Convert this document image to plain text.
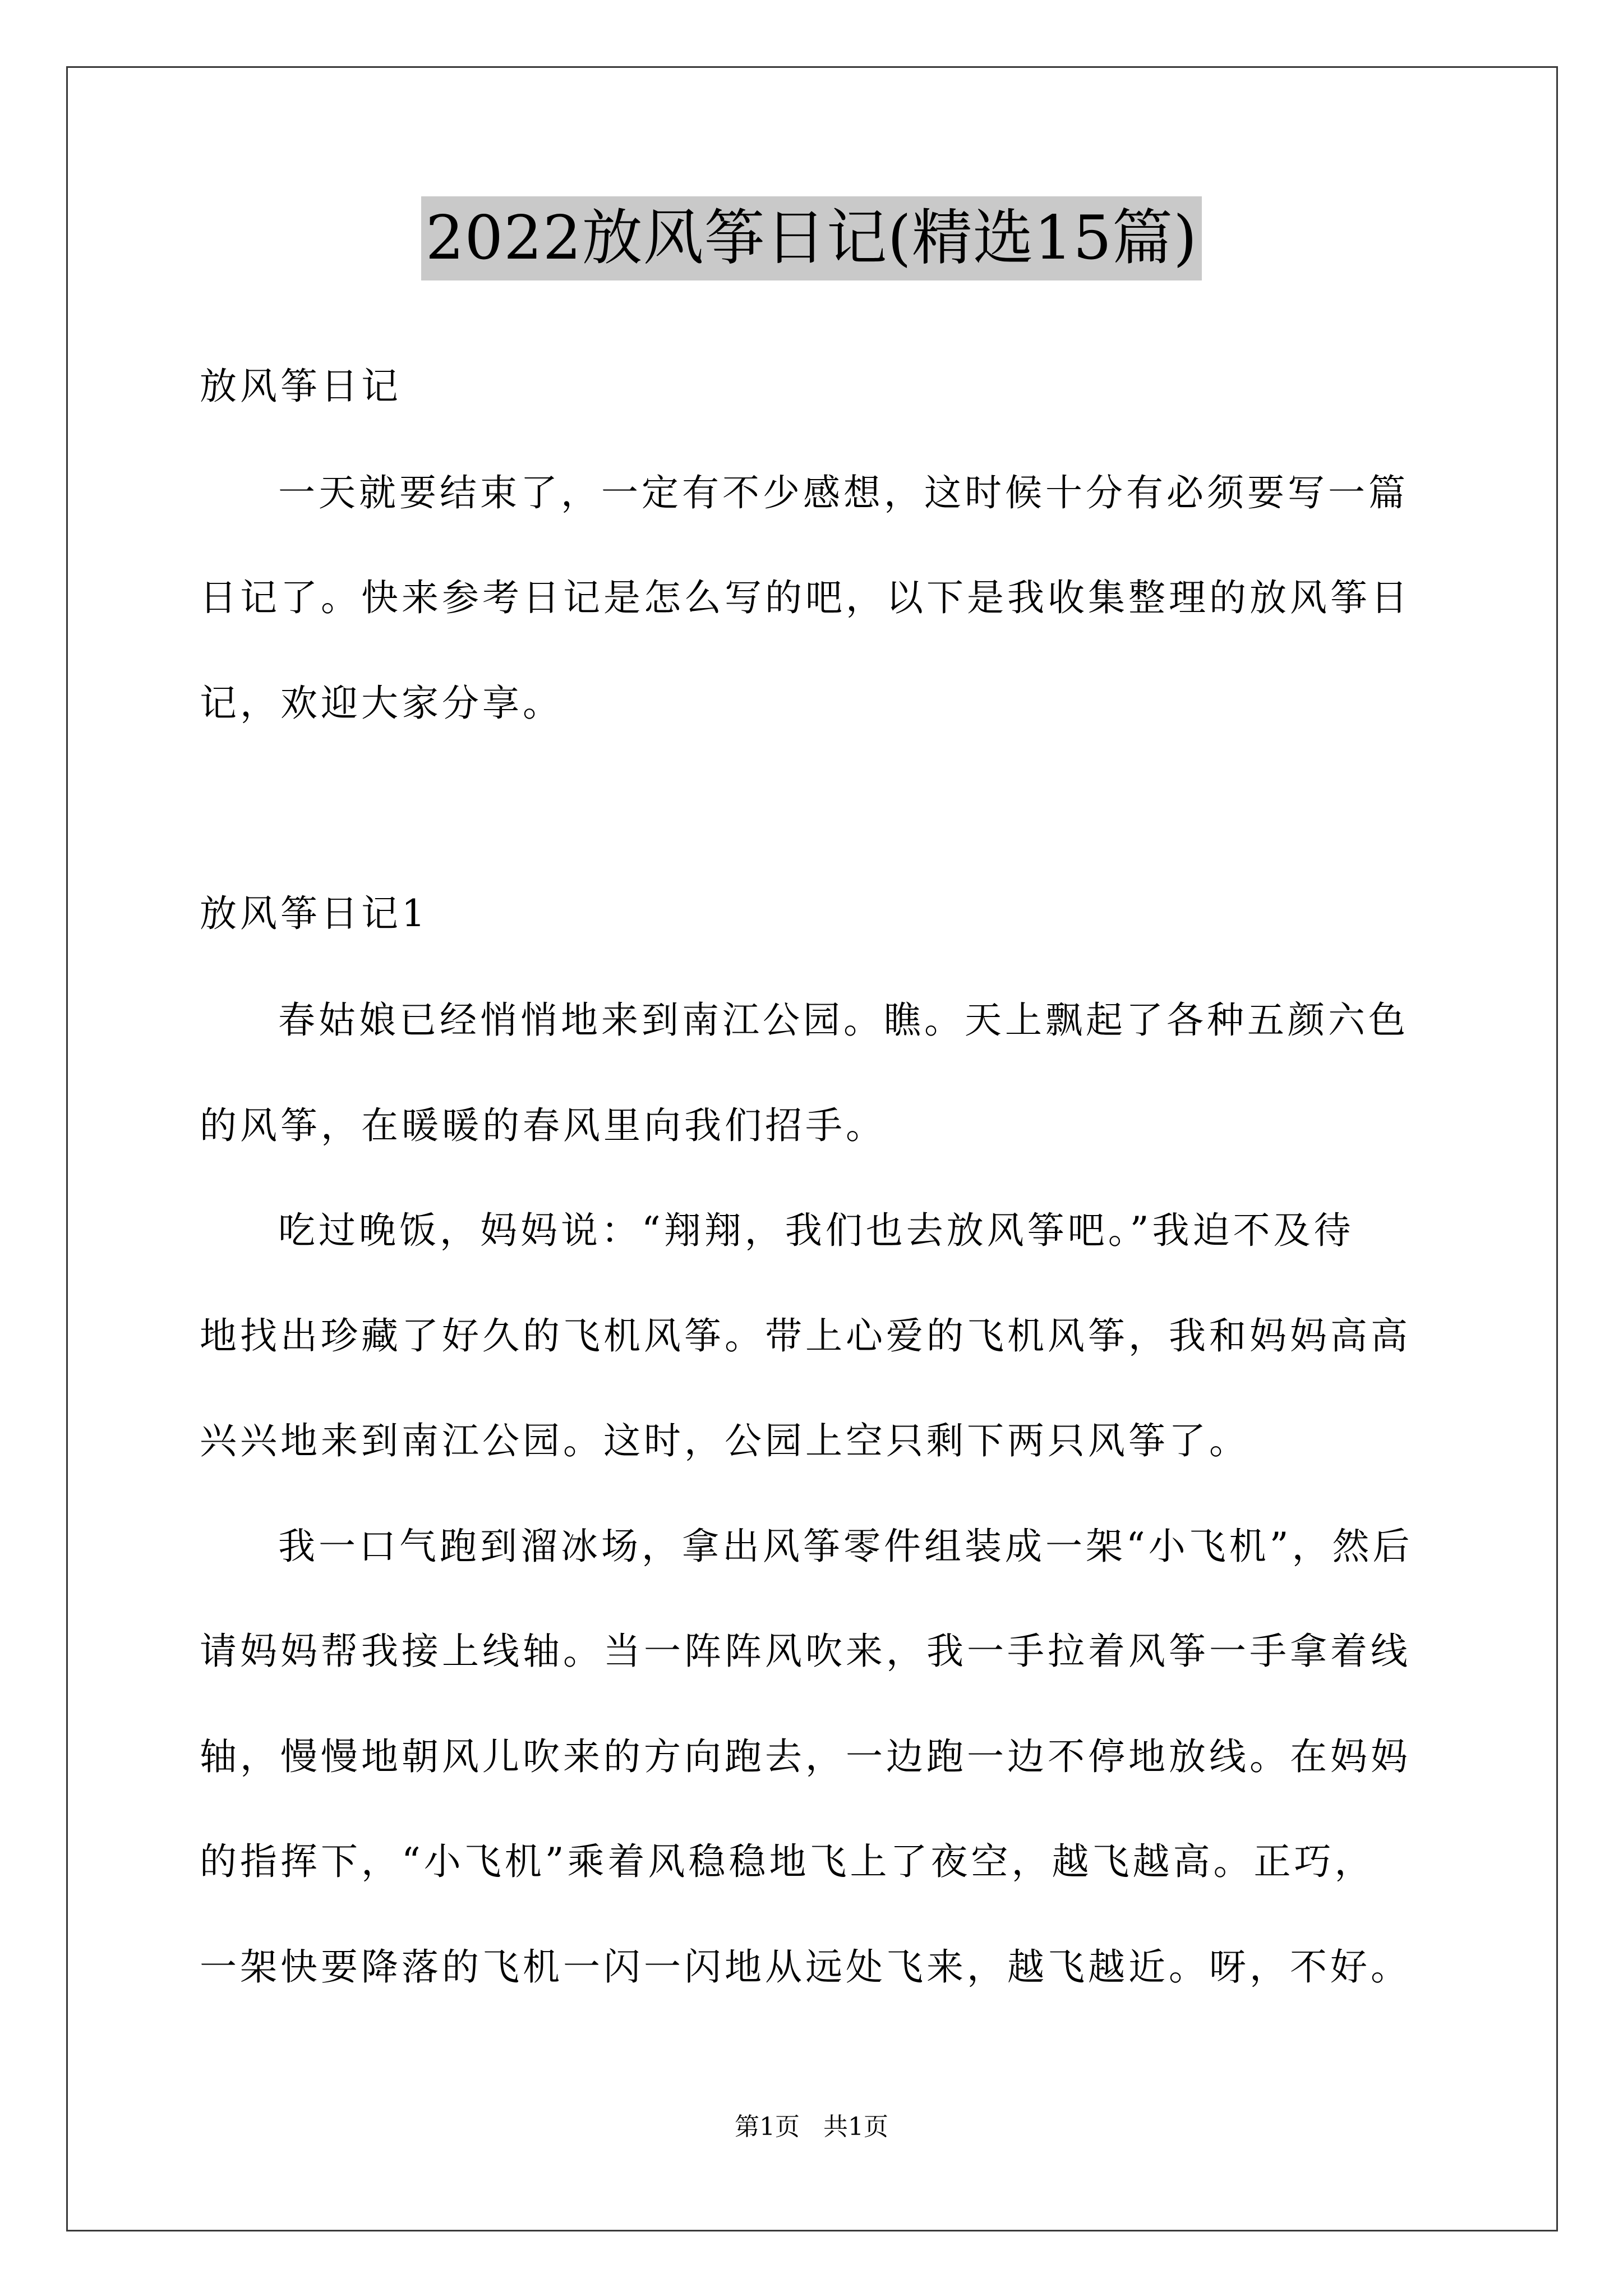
2022放风筝日记(精选15篇)
放风筝日记
一天就要结束了，一定有不少感想，这时候十分有必须要写一篇
日记了。快来参考日记是怎么写的吧，以下是我收集整理的放风筝日
记，欢迎大家分享。
放风筝日记1
春姑娘已经悄悄地来到南江公园。瞧。天上飘起了各种五颜六色
的风筝，在暖暖的春风里向我们招手。
吃过晚饭，妈妈说：“翔翔，我们也去放风筝吧。”我迫不及待
地找出珍藏了好久的飞机风筝。带上心爱的飞机风筝，我和妈妈高高
兴兴地来到南江公园。这时，公园上空只剩下两只风筝了。
我一口气跑到溜冰场，拿出风筝零件组装成一架“小飞机”，然后
请妈妈帮我接上线轴。当一阵阵风吹来，我一手拉着风筝一手拿着线
轴，慢慢地朝风儿吹来的方向跑去，一边跑一边不停地放线。在妈妈
的指挥下，“小飞机”乘着风稳稳地飞上了夜空，越飞越高。正巧，
一架快要降落的飞机一闪一闪地从远处飞来，越飞越近。呀，不好。
第1页   共1页
